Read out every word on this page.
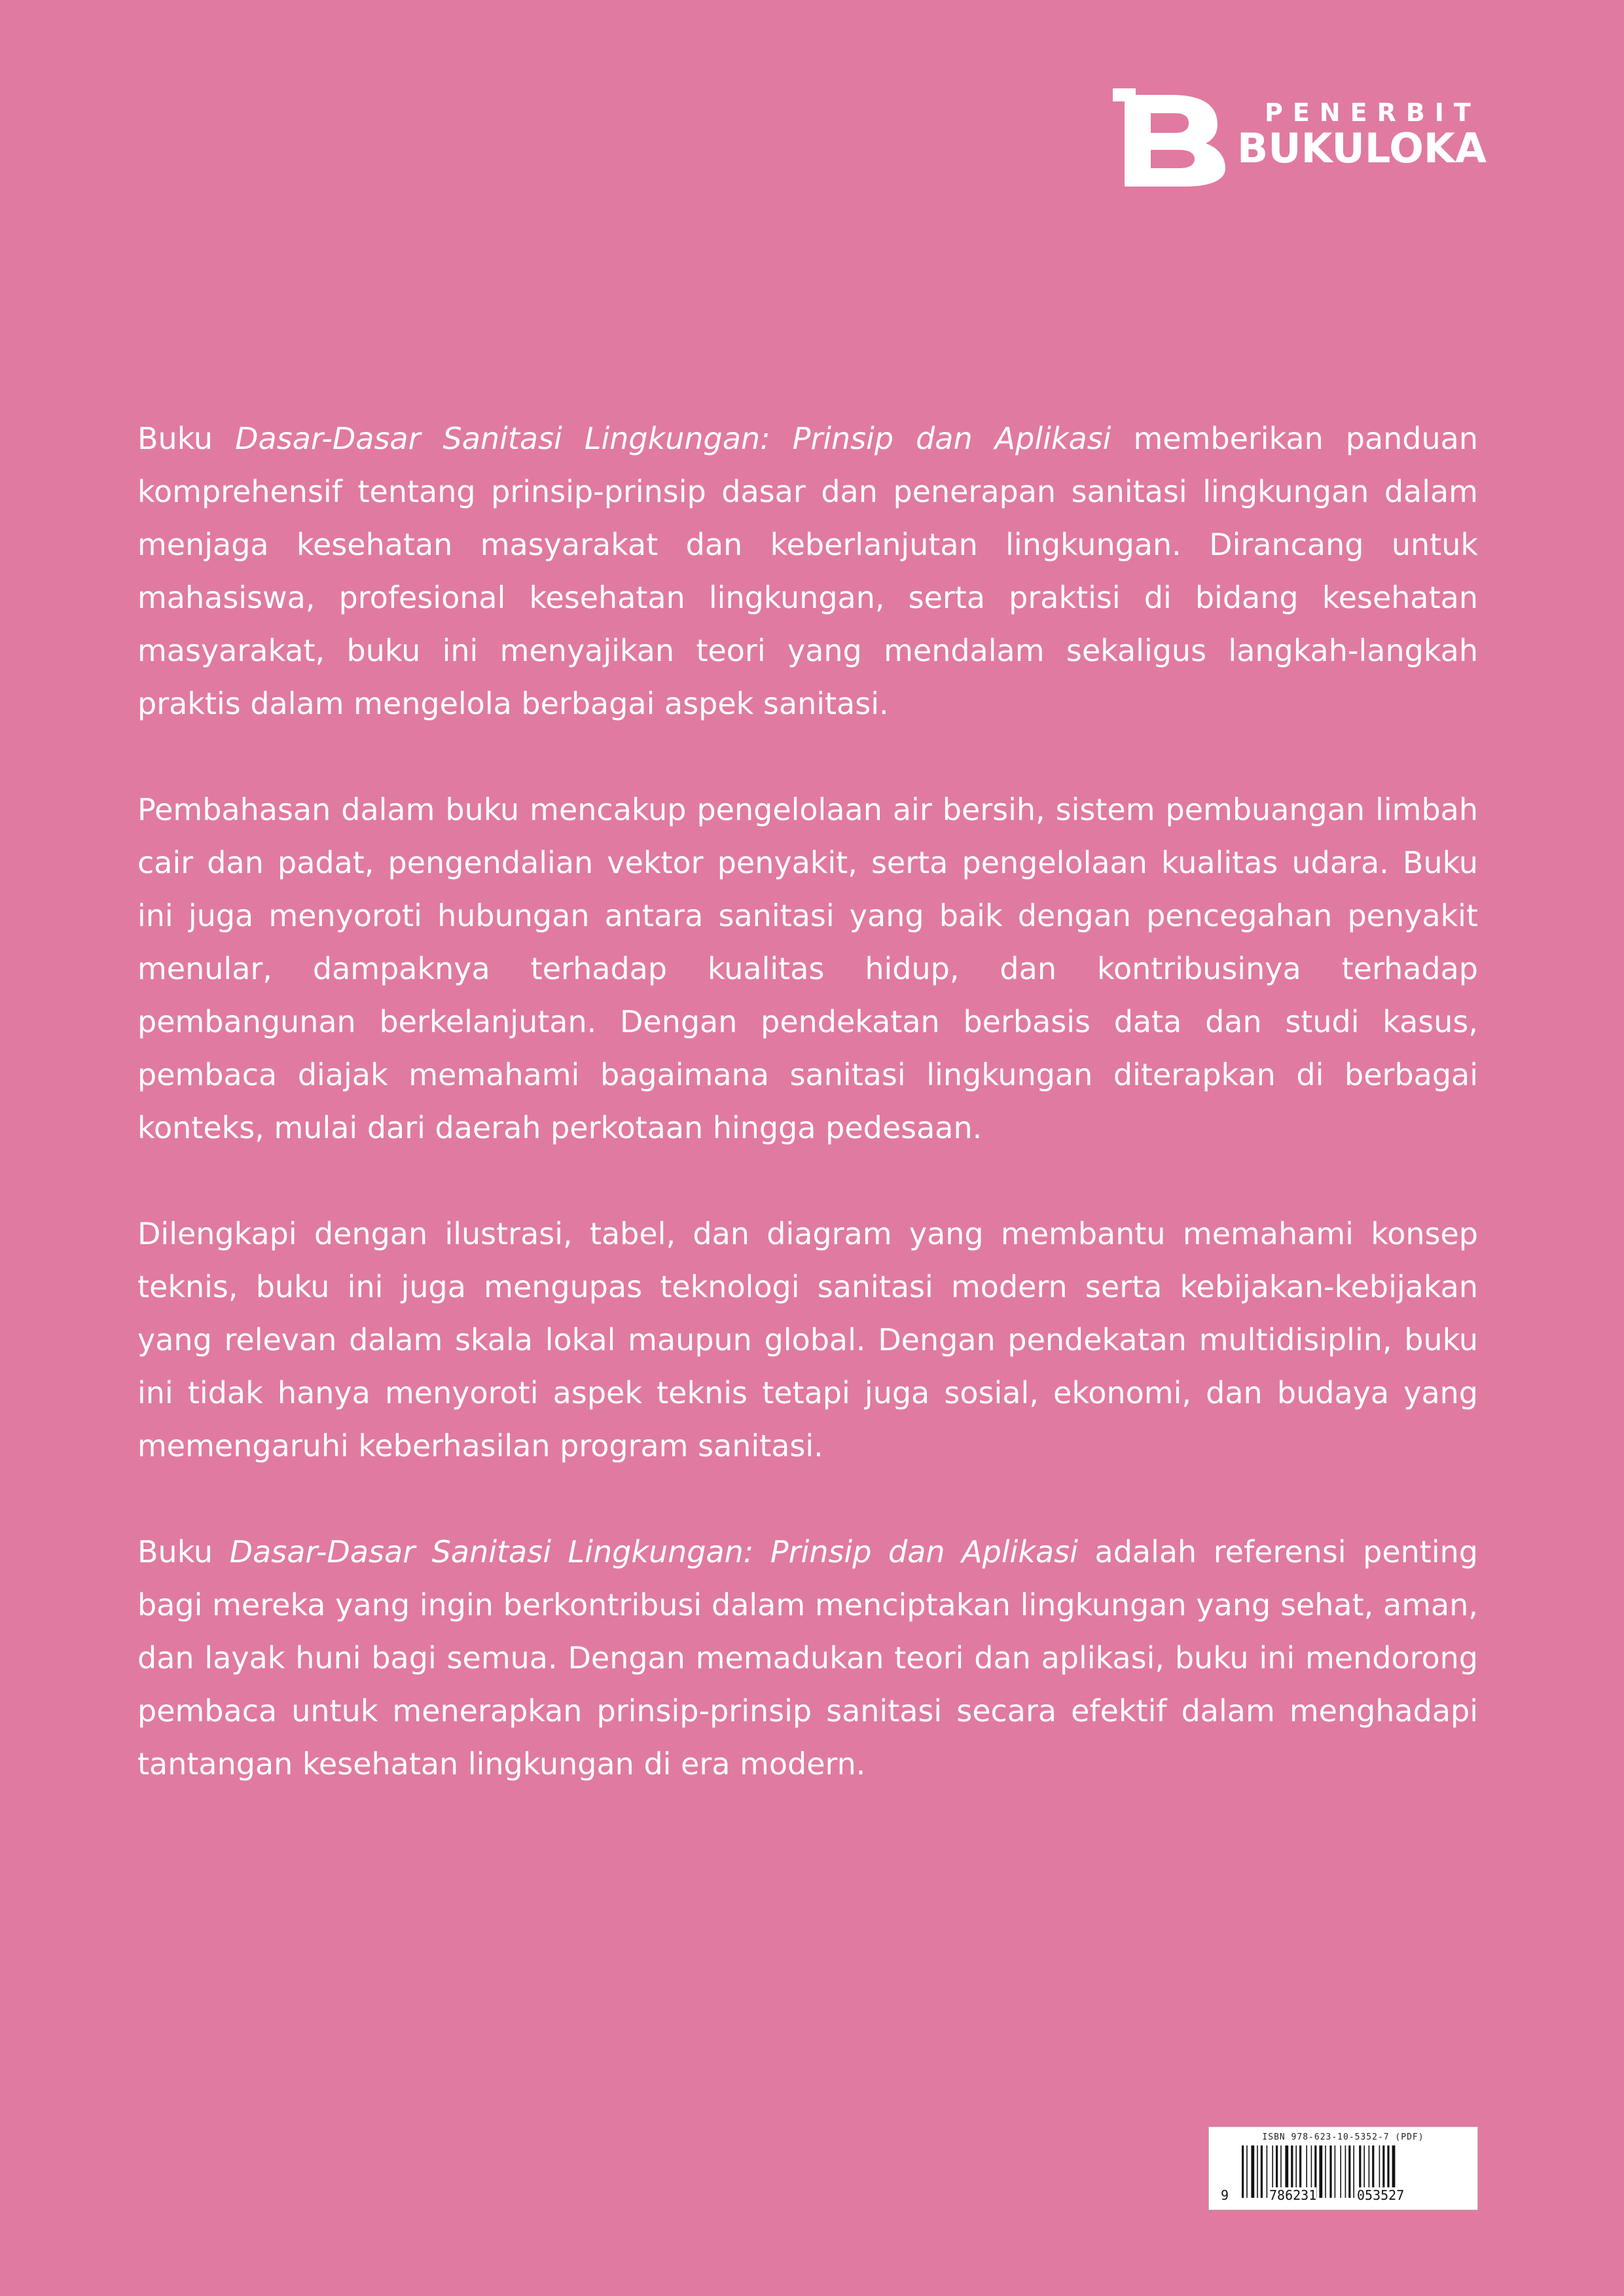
PENERBIT
BUKULOKA

Buku Dasar-Dasar Sanitasi Lingkungan: Prinsip dan Aplikasi memberikan panduan komprehensif tentang prinsip-prinsip dasar dan penerapan sanitasi lingkungan dalam menjaga kesehatan masyarakat dan keberlanjutan lingkungan. Dirancang untuk mahasiswa, profesional kesehatan lingkungan, serta praktisi di bidang kesehatan masyarakat, buku ini menyajikan teori yang mendalam sekaligus langkah-langkah praktis dalam mengelola berbagai aspek sanitasi.

Pembahasan dalam buku mencakup pengelolaan air bersih, sistem pembuangan limbah cair dan padat, pengendalian vektor penyakit, serta pengelolaan kualitas udara. Buku ini juga menyoroti hubungan antara sanitasi yang baik dengan pencegahan penyakit menular, dampaknya terhadap kualitas hidup, dan kontribusinya terhadap pembangunan berkelanjutan. Dengan pendekatan berbasis data dan studi kasus, pembaca diajak memahami bagaimana sanitasi lingkungan diterapkan di berbagai konteks, mulai dari daerah perkotaan hingga pedesaan.

Dilengkapi dengan ilustrasi, tabel, dan diagram yang membantu memahami konsep teknis, buku ini juga mengupas teknologi sanitasi modern serta kebijakan-kebijakan yang relevan dalam skala lokal maupun global. Dengan pendekatan multidisiplin, buku ini tidak hanya menyoroti aspek teknis tetapi juga sosial, ekonomi, dan budaya yang memengaruhi keberhasilan program sanitasi.

Buku Dasar-Dasar Sanitasi Lingkungan: Prinsip dan Aplikasi adalah referensi penting bagi mereka yang ingin berkontribusi dalam menciptakan lingkungan yang sehat, aman, dan layak huni bagi semua. Dengan memadukan teori dan aplikasi, buku ini mendorong pembaca untuk menerapkan prinsip-prinsip sanitasi secara efektif dalam menghadapi tantangan kesehatan lingkungan di era modern.

ISBN 978-623-10-5352-7 (PDF)
9	786231	053527
